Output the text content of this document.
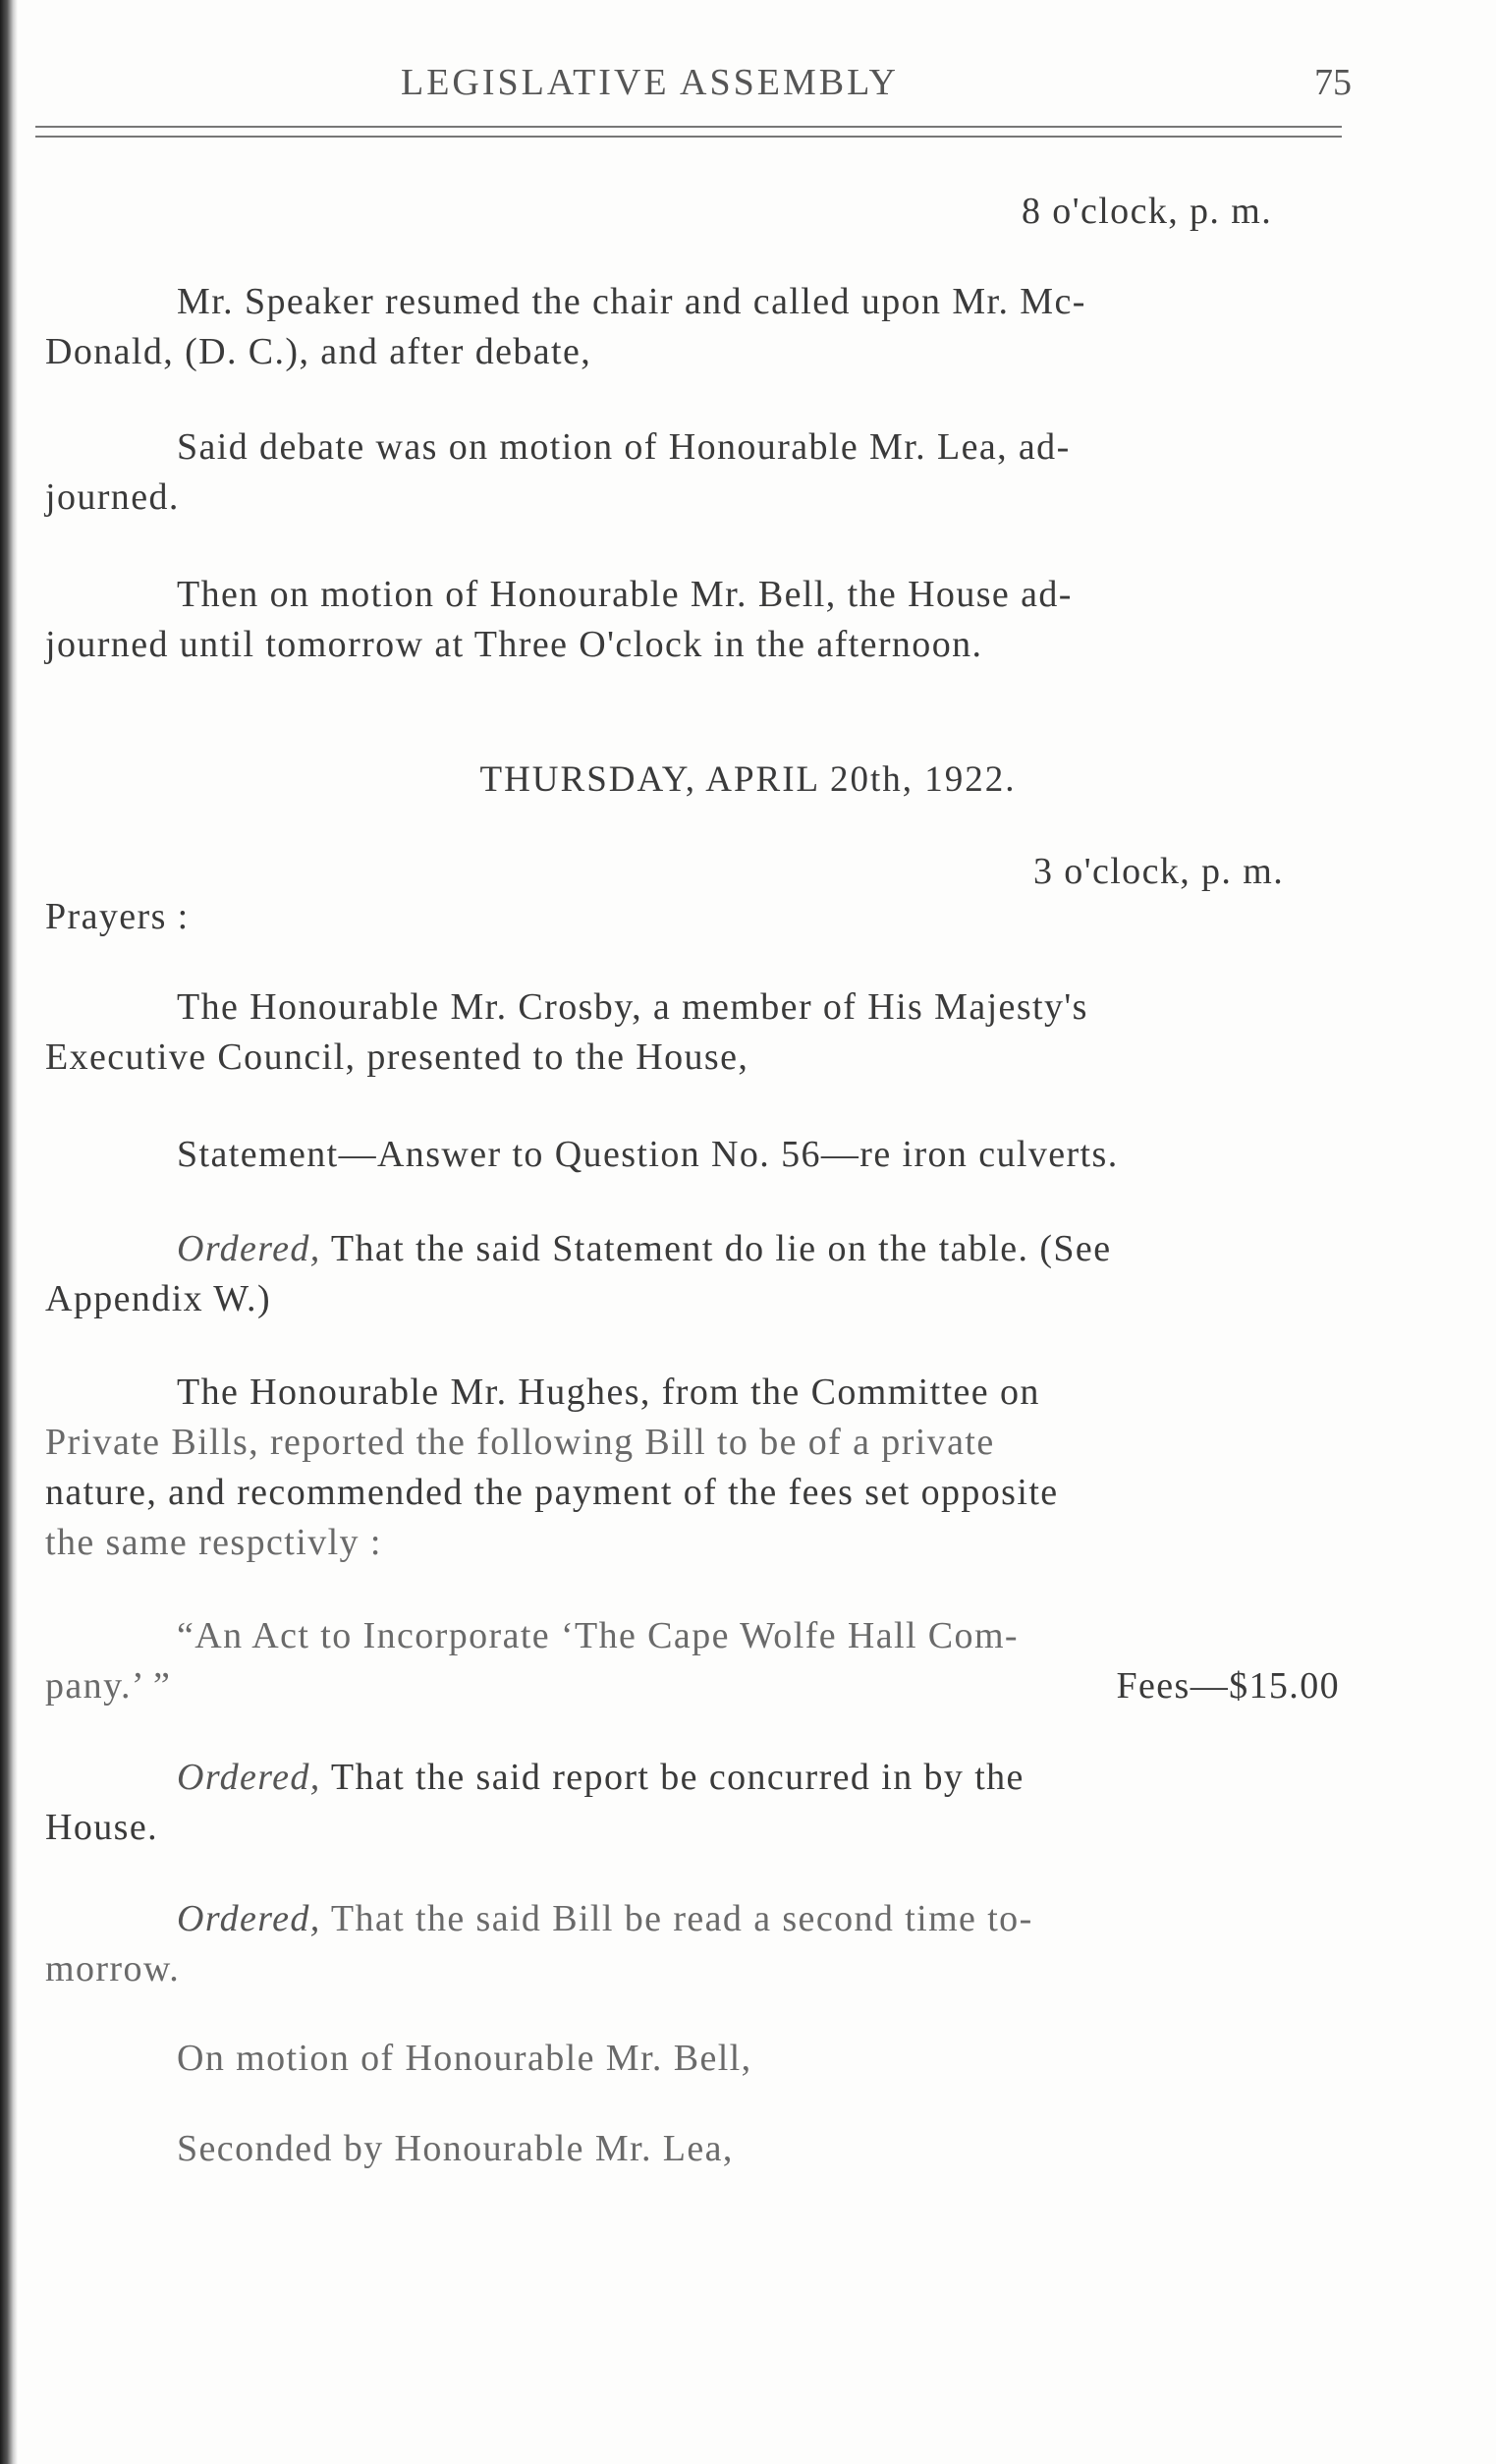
LEGISLATIVE ASSEMBLY	75
8 o'clock, p. m.
Mr. Speaker resumed the chair and called upon Mr. Mc-
Donald, (D. C.), and after debate,
Said debate was on motion of Honourable Mr. Lea, ad-
journed.
Then on motion of Honourable Mr. Bell, the House ad-
journed until tomorrow at Three O'clock in the afternoon.
THURSDAY, APRIL 20th, 1922.
3 o'clock, p. m.
Prayers :
The Honourable Mr. Crosby, a member of His Majesty's
Executive Council, presented to the House,
Statement—Answer to Question No. 56—re iron culverts.
Ordered, That the said Statement do lie on the table. (See
Appendix W.)
The Honourable Mr. Hughes, from the Committee on
Private Bills, reported the following Bill to be of a private
nature, and recommended the payment of the fees set opposite
the same respctivly :
“An Act to Incorporate ‘The Cape Wolfe Hall Com-
pany.’ ”	Fees—$15.00
Ordered, That the said report be concurred in by the
House.
Ordered, That the said Bill be read a second time to-
morrow.
On motion of Honourable Mr. Bell,
Seconded by Honourable Mr. Lea,
